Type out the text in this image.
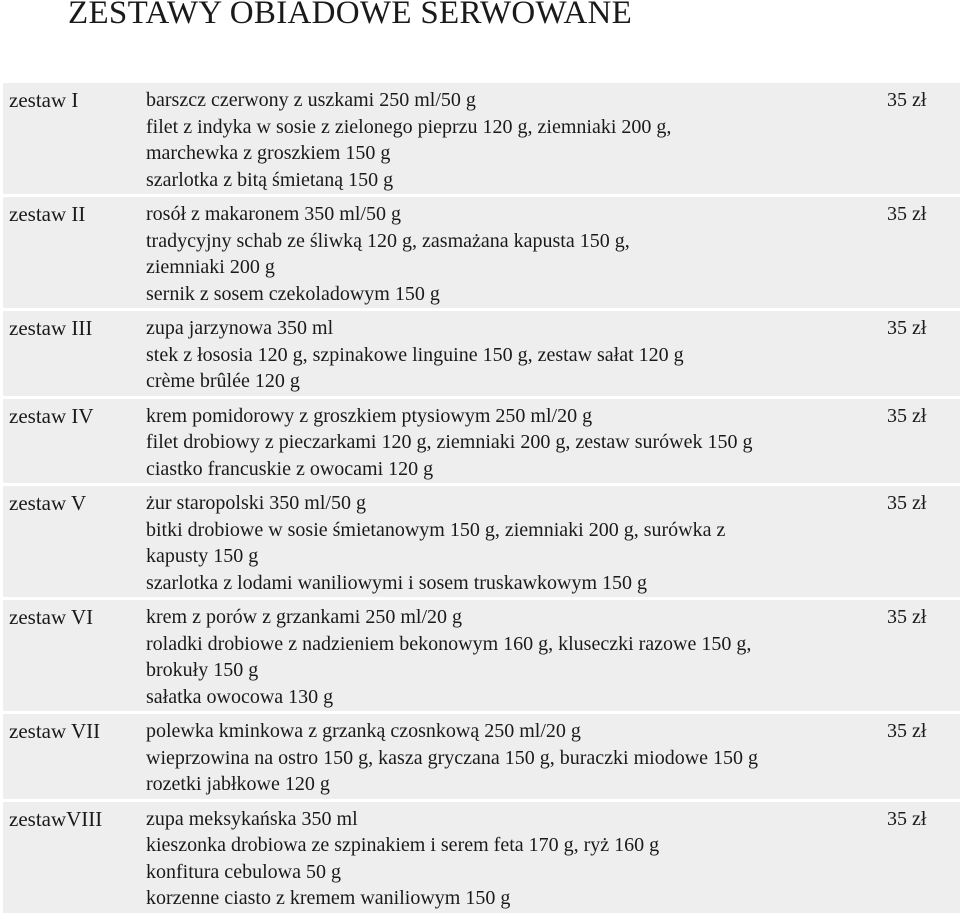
ZESTAWY OBIADOWE SERWOWANE
zestaw I	barszcz czerwony z uszkami 250 ml/50 g
filet z indyka w sosie z zielonego pieprzu 120 g, ziemniaki 200 g,
marchewka z groszkiem 150 g
szarlotka z bitą śmietaną 150 g	35 zł
zestaw II	rosół z makaronem 350 ml/50 g
tradycyjny schab ze śliwką 120 g, zasmażana kapusta 150 g,
ziemniaki 200 g
sernik z sosem czekoladowym 150 g	35 zł
zestaw III	zupa jarzynowa 350 ml
stek z łososia 120 g, szpinakowe linguine 150 g, zestaw sałat 120 g
crème brûlée 120 g	35 zł
zestaw IV	krem pomidorowy z groszkiem ptysiowym 250 ml/20 g
filet drobiowy z pieczarkami 120 g, ziemniaki 200 g, zestaw surówek 150 g
ciastko francuskie z owocami 120 g	35 zł
zestaw V	żur staropolski 350 ml/50 g
bitki drobiowe w sosie śmietanowym 150 g, ziemniaki 200 g, surówka z
kapusty 150 g
szarlotka z lodami waniliowymi i sosem truskawkowym 150 g	35 zł
zestaw VI	krem z porów z grzankami 250 ml/20 g
roladki drobiowe z nadzieniem bekonowym 160 g, kluseczki razowe 150 g,
brokuły 150 g
sałatka owocowa 130 g	35 zł
zestaw VII	polewka kminkowa z grzanką czosnkową 250 ml/20 g
wieprzowina na ostro 150 g, kasza gryczana 150 g, buraczki miodowe 150 g
rozetki jabłkowe 120 g	35 zł
zestawVIII	zupa meksykańska 350 ml
kieszonka drobiowa ze szpinakiem i serem feta 170 g, ryż 160 g
konfitura cebulowa 50 g
korzenne ciasto z kremem waniliowym 150 g	35 zł
